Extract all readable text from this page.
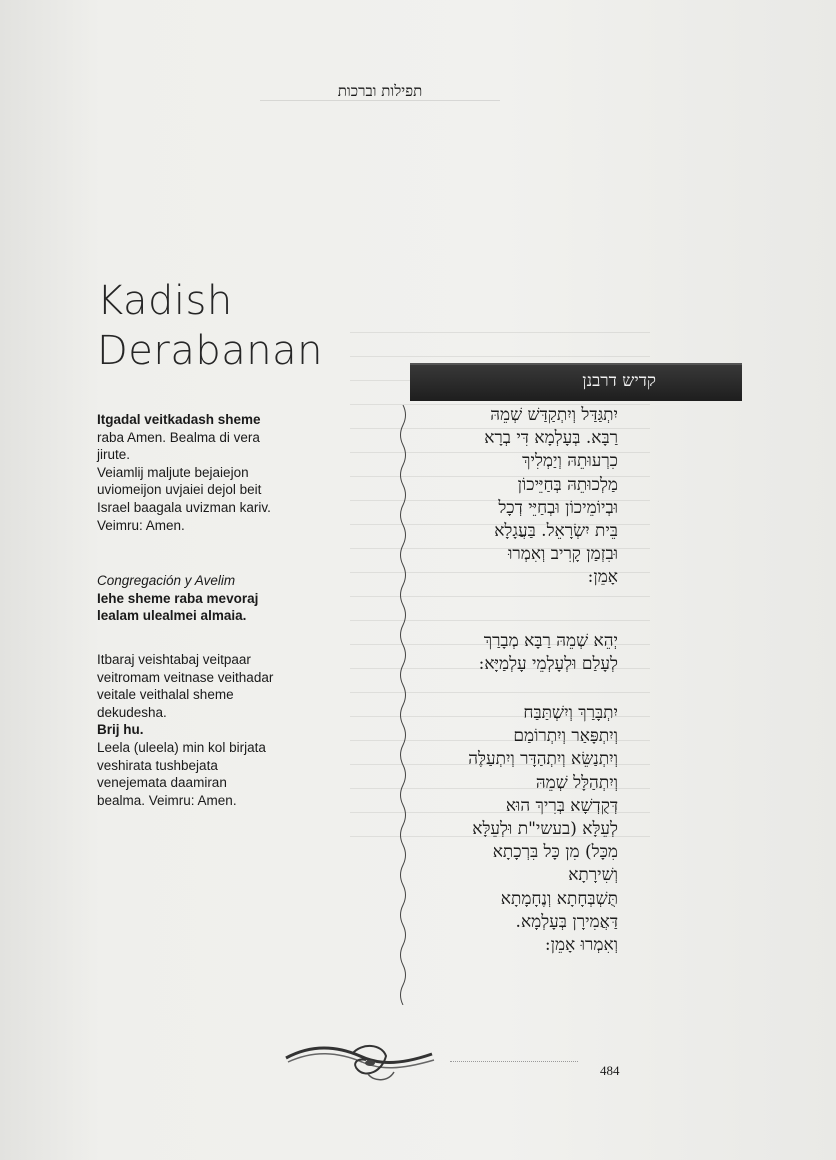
תפילות וברכות
Kadish
Derabanan
קדיש דרבנן

Itgadal veitkadash sheme

raba Amen. Bealma di vera

jirute.

Veiamlij maljute bejaiejon

uviomeijon uvjaiei dejol beit

Israel baagala uvizman kariv.

Veimru: Amen.

Congregación y Avelim

Iehe sheme raba mevoraj

lealam ulealmei almaia.

Itbaraj veishtabaj veitpaar

veitromam veitnase veithadar

veitale veithalal sheme

dekudesha.

Brij hu.

Leela (uleela) min kol birjata

veshirata tushbejata

venejemata daamiran

bealma. Veimru: Amen.

יִתְגַּדַּל וְיִתְקַדַּשׁ שְׁמֵהּ

רַבָּא. בְּעָלְמָא דִּי בְרָא

כִרְעוּתֵהּ וְיַמְלִיךְ

מַלְכוּתֵהּ בְּחַיֵּיכוֹן

וּבְיוֹמֵיכוֹן וּבְחַיֵּי דְכָל

בֵּית יִשְׂרָאֵל. בַּעֲגָלָא

וּבִזְמַן קָרִיב וְאִמְרוּ

אָמֵן:

יְהֵא שְׁמֵהּ רַבָּא מְבָרַךְ

לְעָלַם וּלְעָלְמֵי עָלְמַיָּא:

יִתְבָּרַךְ וְיִשְׁתַּבַּח

וְיִתְפָּאַר וְיִתְרוֹמַם

וְיִתְנַשֵּׂא וְיִתְהַדָּר וְיִתְעַלֶּה

וְיִתְהַלָּל שְׁמֵהּ

דְּקֻדְשָׁא בְּרִיךְ הוּא

לְעֵלָּא (בעשי"ת וּלְעֵלָּא

מִכָּל) מִן כָּל בִּרְכָתָא

וְשִׁירָתָא

תֻּשְׁבְּחָתָא וְנֶחָמָתָא

דַּאֲמִירָן בְּעָלְמָא.

וְאִמְרוּ אָמֵן:

484
